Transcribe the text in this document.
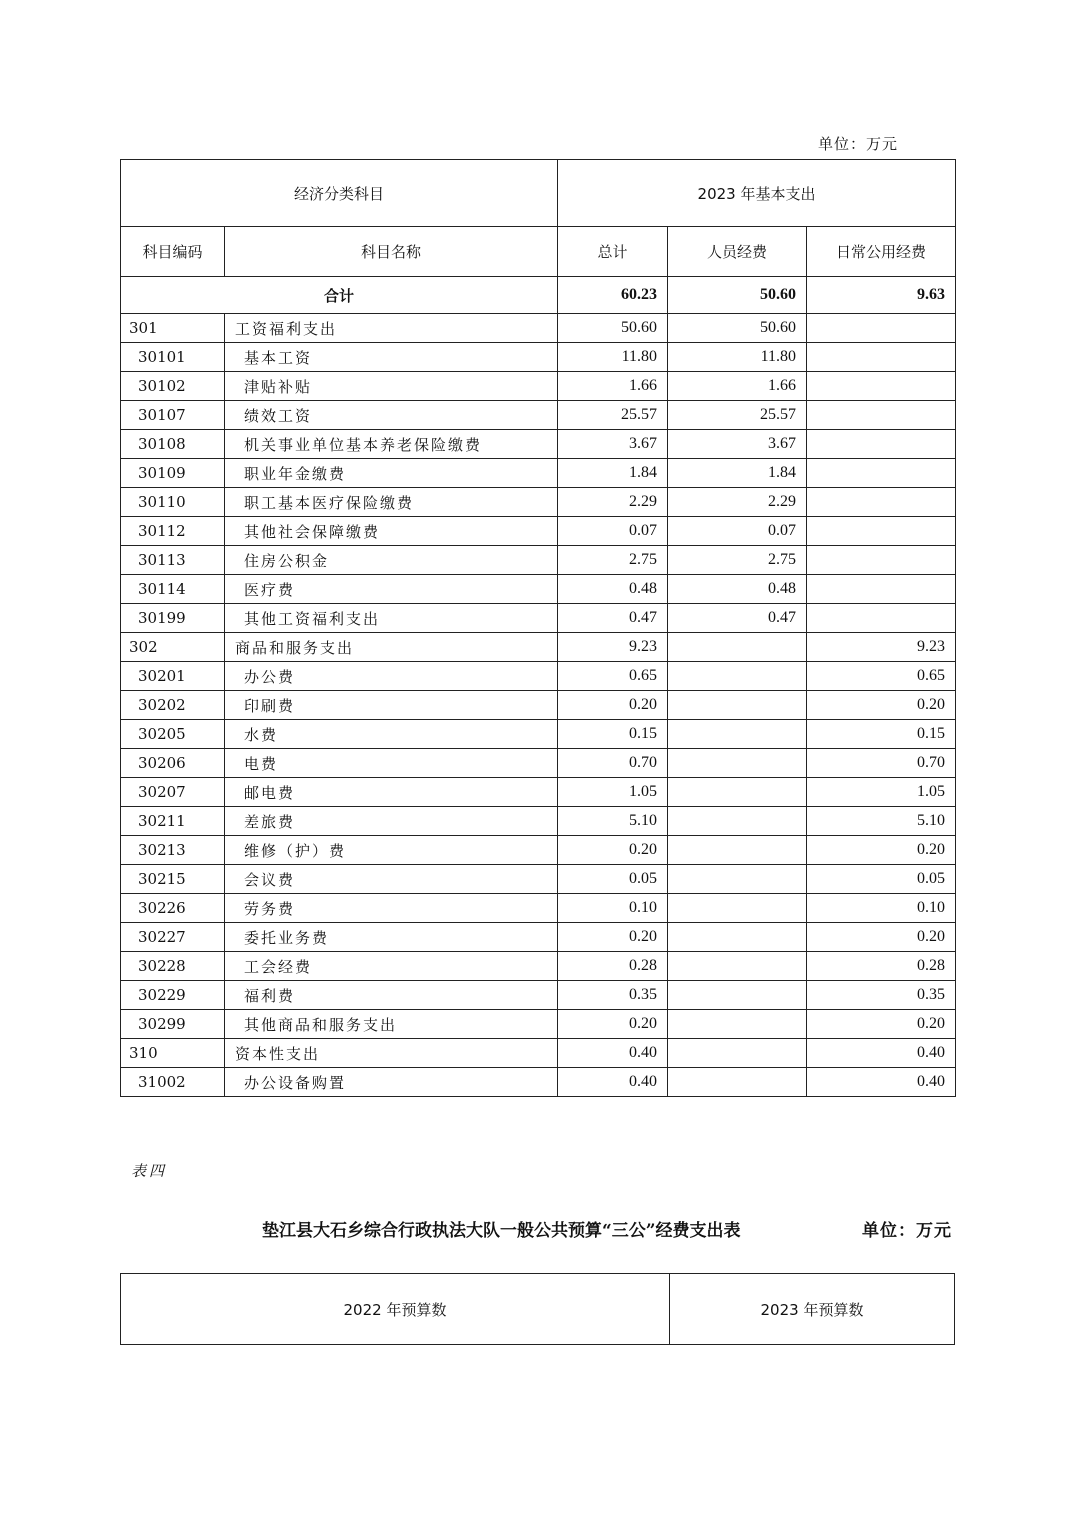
单位：万元
经济分类科目		2023 年基本支出		
科目编码	科目名称	总计	人员经费	日常公用经费
合计		60.23	50.60	9.63
301	工资福利支出	50.60	50.60	
30101	基本工资	11.80	11.80	
30102	津贴补贴	1.66	1.66	
30107	绩效工资	25.57	25.57	
30108	机关事业单位基本养老保险缴费	3.67	3.67	
30109	职业年金缴费	1.84	1.84	
30110	职工基本医疗保险缴费	2.29	2.29	
30112	其他社会保障缴费	0.07	0.07	
30113	住房公积金	2.75	2.75	
30114	医疗费	0.48	0.48	
30199	其他工资福利支出	0.47	0.47	
302	商品和服务支出	9.23		9.23
30201	办公费	0.65		0.65
30202	印刷费	0.20		0.20
30205	水费	0.15		0.15
30206	电费	0.70		0.70
30207	邮电费	1.05		1.05
30211	差旅费	5.10		5.10
30213	维修（护）费	0.20		0.20
30215	会议费	0.05		0.05
30226	劳务费	0.10		0.10
30227	委托业务费	0.20		0.20
30228	工会经费	0.28		0.28
30229	福利费	0.35		0.35
30299	其他商品和服务支出	0.20		0.20
310	资本性支出	0.40		0.40
31002	办公设备购置	0.40		0.40
表四
垫江县大石乡综合行政执法大队一般公共预算“三公”经费支出表	单位：万元
2022 年预算数	2023 年预算数
